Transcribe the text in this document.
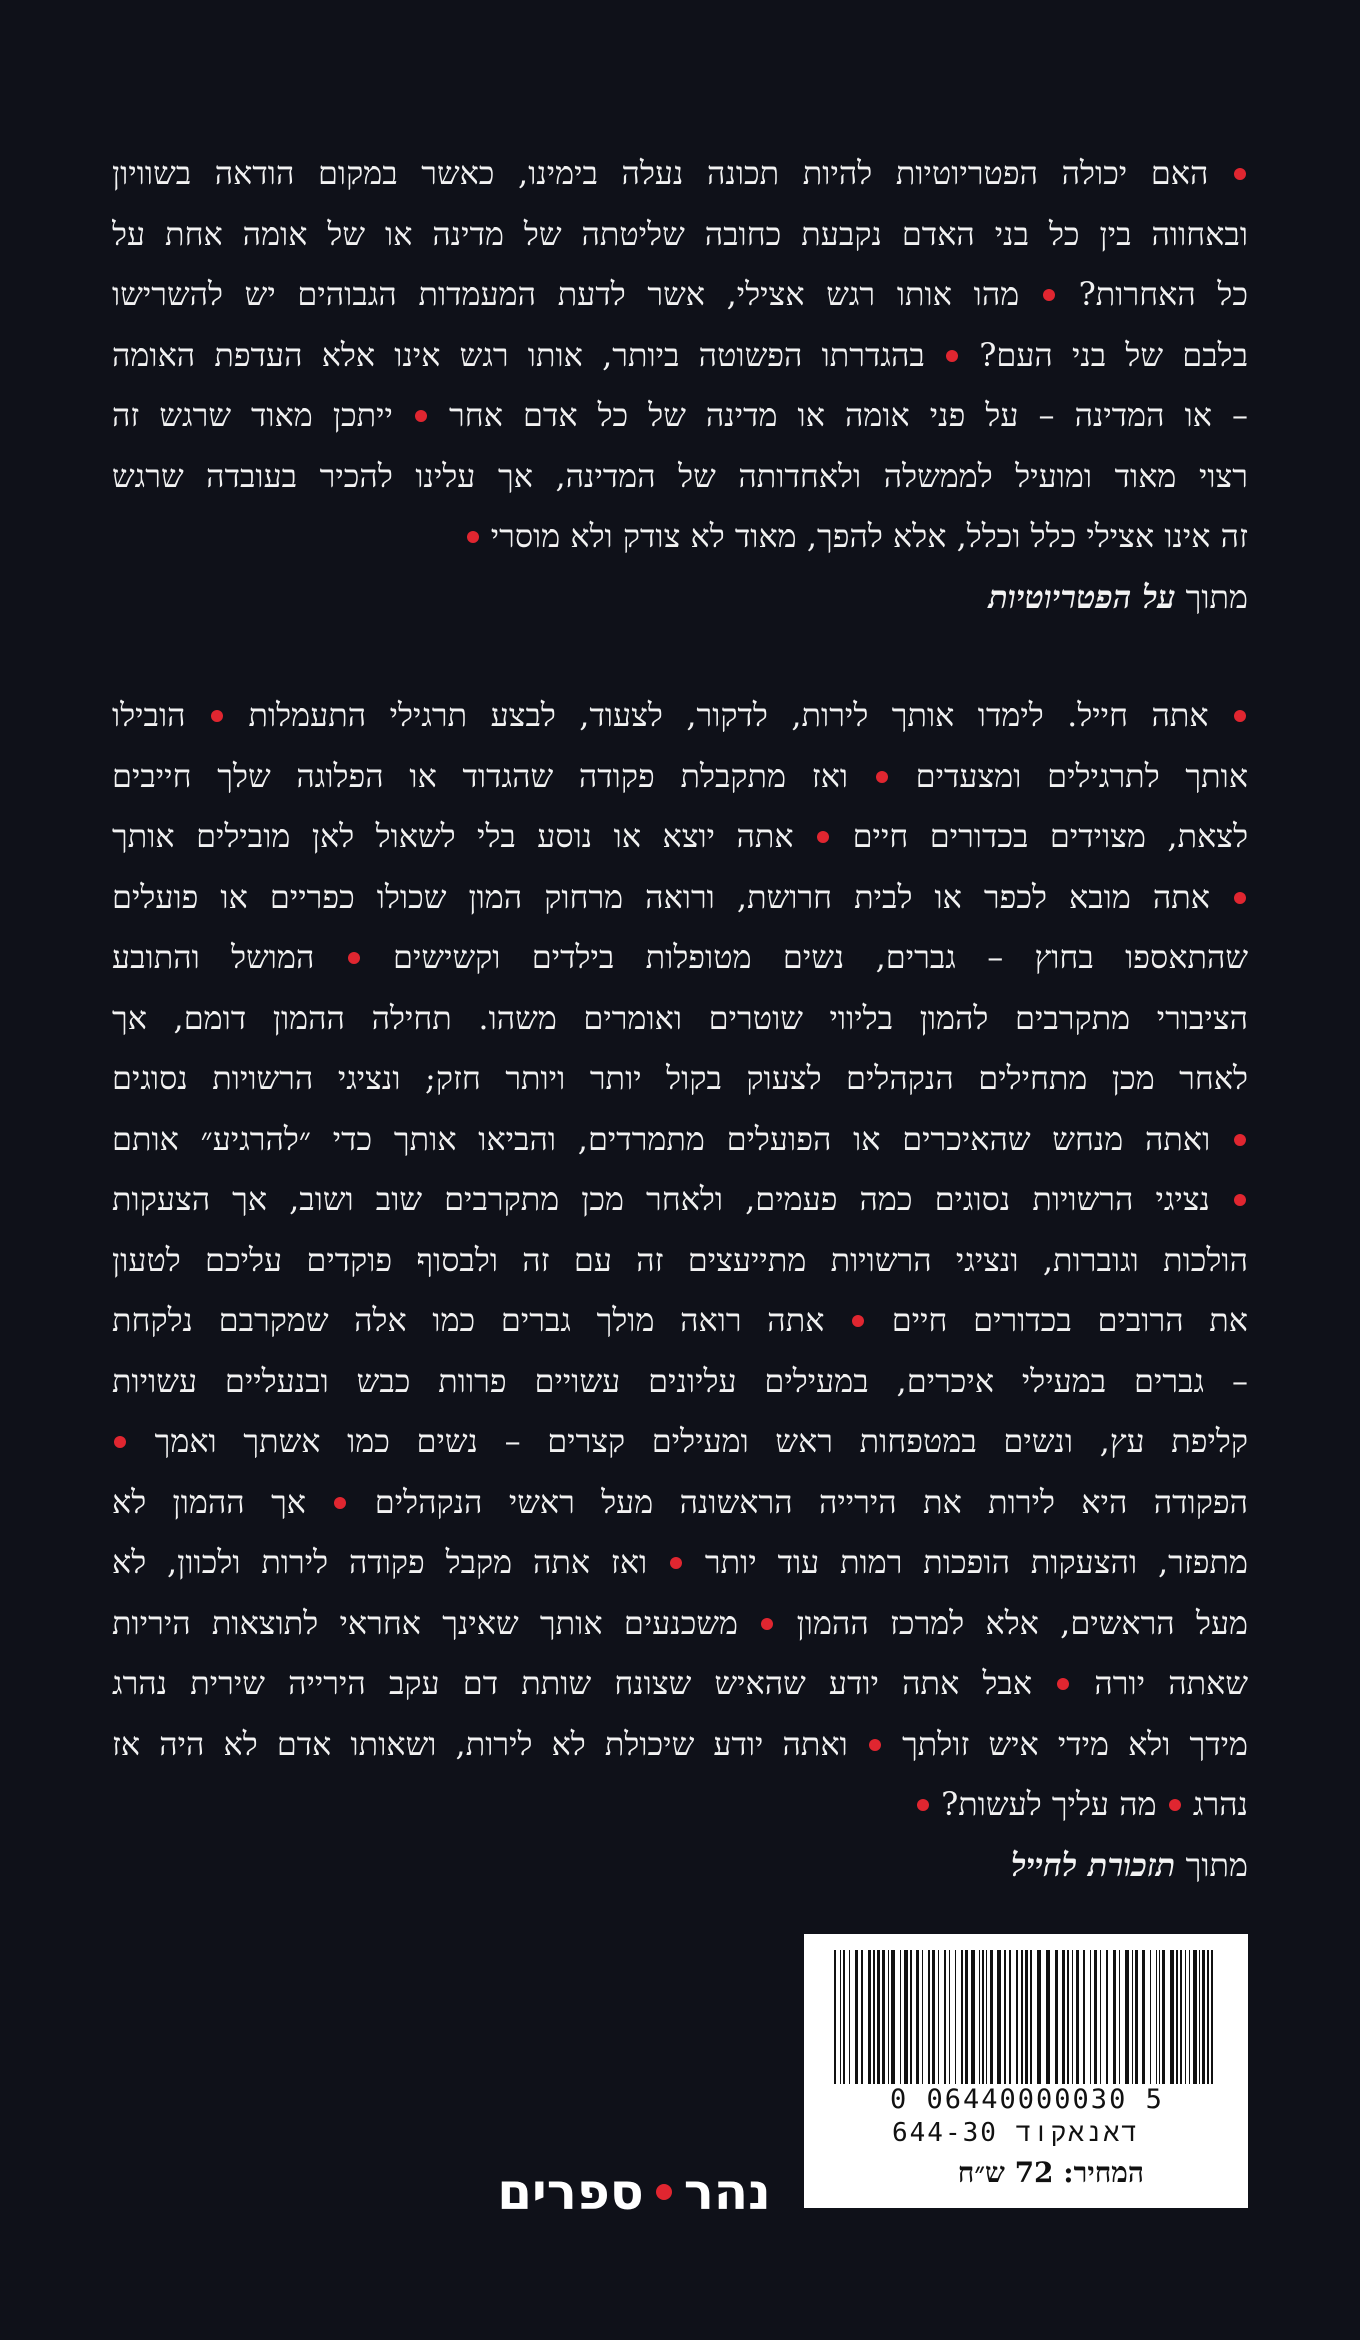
האם יכולה הפטריוטיות להיות תכונה נעלה בימינו, כאשר במקום הודאה בשוויון
ובאחווה בין כל בני האדם נקבעת כחובה שליטתה של מדינה או של אומה אחת על
כל האחרות?  מהו אותו רגש אצילי, אשר לדעת המעמדות הגבוהים יש להשרישו
בלבם של בני העם?  בהגדרתו הפשוטה ביותר, אותו רגש אינו אלא העדפת האומה
– או המדינה – על פני אומה או מדינה של כל אדם אחר  ייתכן מאוד שרגש זה
רצוי מאוד ומועיל לממשלה ולאחדותה של המדינה, אך עלינו להכיר בעובדה שרגש
זה אינו אצילי כלל וכלל, אלא להפך, מאוד לא צודק ולא מוסרי
מתוך על הפטריוטיות
אתה חייל. לימדו אותך לירות, לדקור, לצעוד, לבצע תרגילי התעמלות  הובילו
אותך לתרגילים ומצעדים  ואז מתקבלת פקודה שהגדוד או הפלוגה שלך חייבים
לצאת, מצוידים בכדורים חיים  אתה יוצא או נוסע בלי לשאול לאן מובילים אותך
אתה מובא לכפר או לבית חרושת, ורואה מרחוק המון שכולו כפריים או פועלים
שהתאספו בחוץ – גברים, נשים מטופלות בילדים וקשישים  המושל והתובע
הציבורי מתקרבים להמון בליווי שוטרים ואומרים משהו. תחילה ההמון דומם, אך
לאחר מכן מתחילים הנקהלים לצעוק בקול יותר ויותר חזק; ונציגי הרשויות נסוגים
ואתה מנחש שהאיכרים או הפועלים מתמרדים, והביאו אותך כדי ״להרגיע״ אותם
נציגי הרשויות נסוגים כמה פעמים, ולאחר מכן מתקרבים שוב ושוב, אך הצעקות
הולכות וגוברות, ונציגי הרשויות מתייעצים זה עם זה ולבסוף פוקדים עליכם לטעון
את הרובים בכדורים חיים  אתה רואה מולך גברים כמו אלה שמקרבם נלקחת
– גברים במעילי איכרים, במעילים עליונים עשויים פרוות כבש ובנעליים עשויות
קליפת עץ, ונשים במטפחות ראש ומעילים קצרים – נשים כמו אשתך ואמך
הפקודה היא לירות את הירייה הראשונה מעל ראשי הנקהלים  אך ההמון לא
מתפזר, והצעקות הופכות רמות עוד יותר  ואז אתה מקבל פקודה לירות ולכוון, לא
מעל הראשים, אלא למרכז ההמון  משכנעים אותך שאינך אחראי לתוצאות היריות
שאתה יורה  אבל אתה יודע שהאיש שצונח שותת דם עקב הירייה שירית נהרג
מידך ולא מידי איש זולתך  ואתה יודע שיכולת לא לירות, ושאותו אדם לא היה אז
נהרג  מה עליך לעשות?
מתוך תזכורת לחייל
0 06440000030 5
דאנאקוד 644-30
המחיר: 72 ש״ח
נהר
ספרים
